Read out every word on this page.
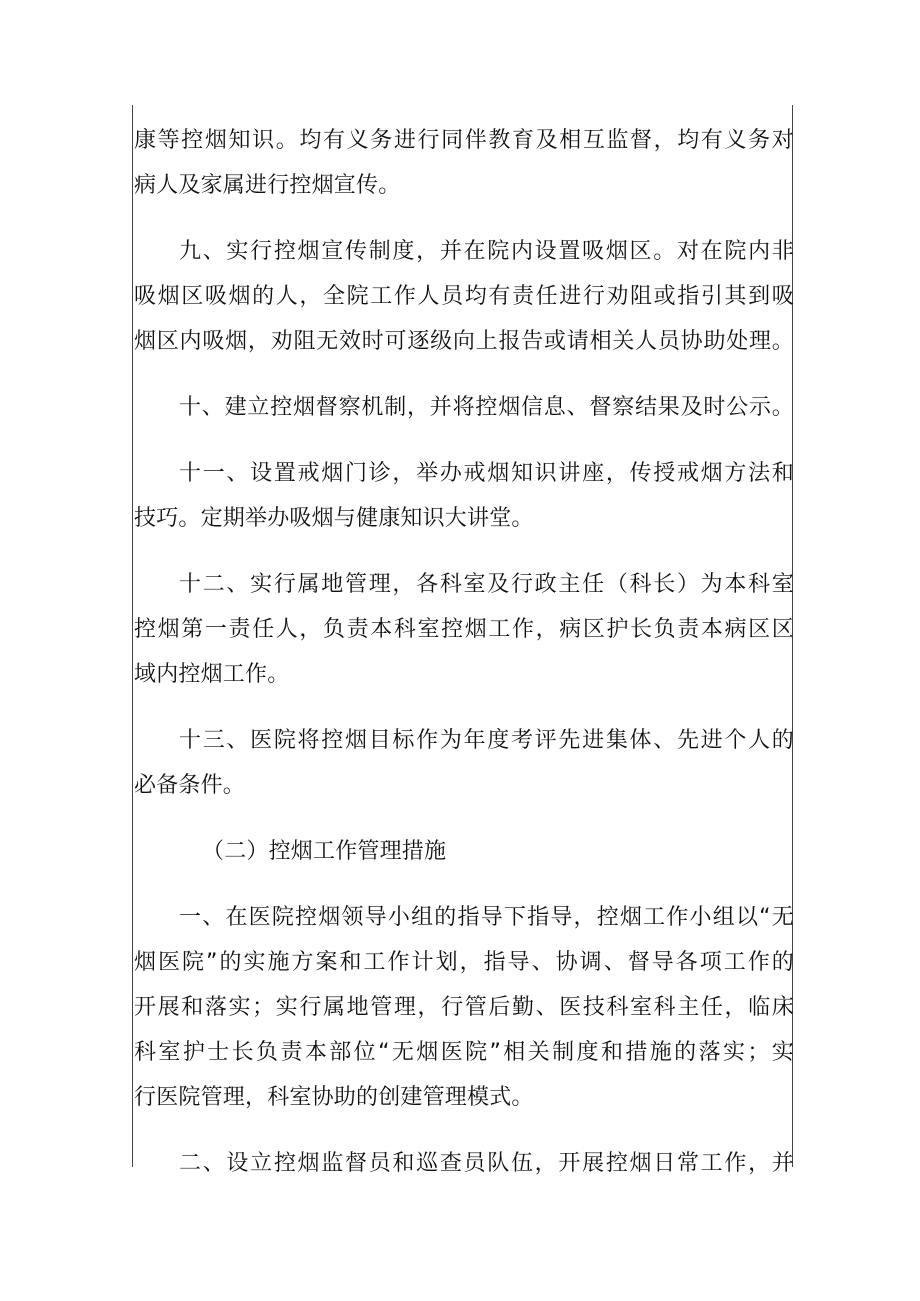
康等控烟知识。均有义务进行同伴教育及相互监督，均有义务对
病人及家属进行控烟宣传。
九、实行控烟宣传制度，并在院内设置吸烟区。对在院内非
吸烟区吸烟的人，全院工作人员均有责任进行劝阻或指引其到吸
烟区内吸烟，劝阻无效时可逐级向上报告或请相关人员协助处理。
十、建立控烟督察机制，并将控烟信息、督察结果及时公示。
十一、设置戒烟门诊，举办戒烟知识讲座，传授戒烟方法和
技巧。定期举办吸烟与健康知识大讲堂。
十二、实行属地管理，各科室及行政主任（科长）为本科室
控烟第一责任人，负责本科室控烟工作，病区护长负责本病区区
域内控烟工作。
十三、医院将控烟目标作为年度考评先进集体、先进个人的
必备条件。
（二）控烟工作管理措施
一、在医院控烟领导小组的指导下指导，控烟工作小组以“无
烟医院”的实施方案和工作计划，指导、协调、督导各项工作的
开展和落实；实行属地管理，行管后勤、医技科室科主任，临床
科室护士长负责本部位“无烟医院”相关制度和措施的落实；实
行医院管理，科室协助的创建管理模式。
二、设立控烟监督员和巡查员队伍，开展控烟日常工作，并
